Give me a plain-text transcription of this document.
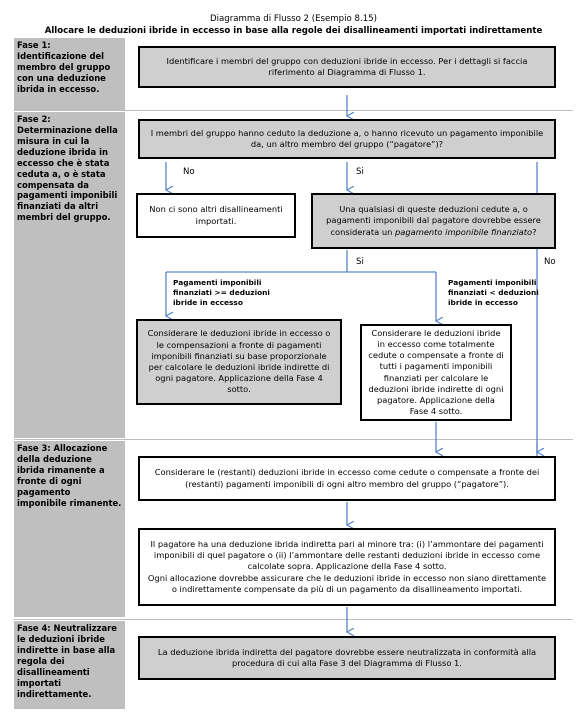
Diagramma di Flusso 2 (Esempio 8.15)
Allocare le deduzioni ibride in eccesso in base alla regole dei disallineamenti importati indirettamente
Fase 1: Identificazione del membro del gruppo con una deduzione ibrida in eccesso.
Fase 2: Determinazione della misura in cui la deduzione ibrida in eccesso che è stata ceduta a, o è stata compensata da pagamenti imponibili finanziati da altri membri del gruppo.
Fase 3: Allocazione della deduzione ibrida rimanente a fronte di ogni pagamento imponibile rimanente.
Fase 4: Neutralizzare le deduzioni ibride indirette in base alla regola dei disallineamenti importati indirettamente.
Identificare i membri del gruppo con deduzioni ibride in eccesso. Per i dettagli si faccia riferimento al Diagramma di Flusso 1.
I membri del gruppo hanno ceduto la deduzione a, o hanno ricevuto un pagamento imponibile da, un altro membro del gruppo (“pagatore”)?
Non ci sono altri disallineamenti importati.
Una qualsiasi di queste deduzioni cedute a, o pagamenti imponibili dal pagatore dovrebbe essere considerata un pagamento imponibile finanziato?
Considerare le deduzioni ibride in eccesso o le compensazioni a fronte di pagamenti imponibili finanziati su base proporzionale per calcolare le deduzioni ibride indirette di ogni pagatore. Applicazione della Fase 4 sotto.
Considerare le deduzioni ibride in eccesso come totalmente cedute o compensate a fronte di tutti i pagamenti imponibili finanziati per calcolare le deduzioni ibride indirette di ogni pagatore. Applicazione della Fase 4 sotto.
Considerare le (restanti) deduzioni ibride in eccesso come cedute o compensate a fronte dei (restanti) pagamenti imponibili di ogni altro membro del gruppo (“pagatore”).
Il pagatore ha una deduzione ibrida indiretta pari al minore tra: (i) l’ammontare dei pagamenti imponibili di quel pagatore o (ii) l’ammontare delle restanti deduzioni ibride in eccesso come calcolate sopra. Applicazione della Fase 4 sotto.
Ogni allocazione dovrebbe assicurare che le deduzioni ibride in eccesso non siano direttamente o indirettamente compensate da più di un pagamento da disallineamento importati.
La deduzione ibrida indiretta del pagatore dovrebbe essere neutralizzata in conformità alla procedura di cui alla Fase 3 del Diagramma di Flusso 1.
No	Si
Si	No
Pagamenti imponibili finanziati >= deduzioni ibride in eccesso
Pagamenti imponibili finanziati < deduzioni ibride in eccesso
